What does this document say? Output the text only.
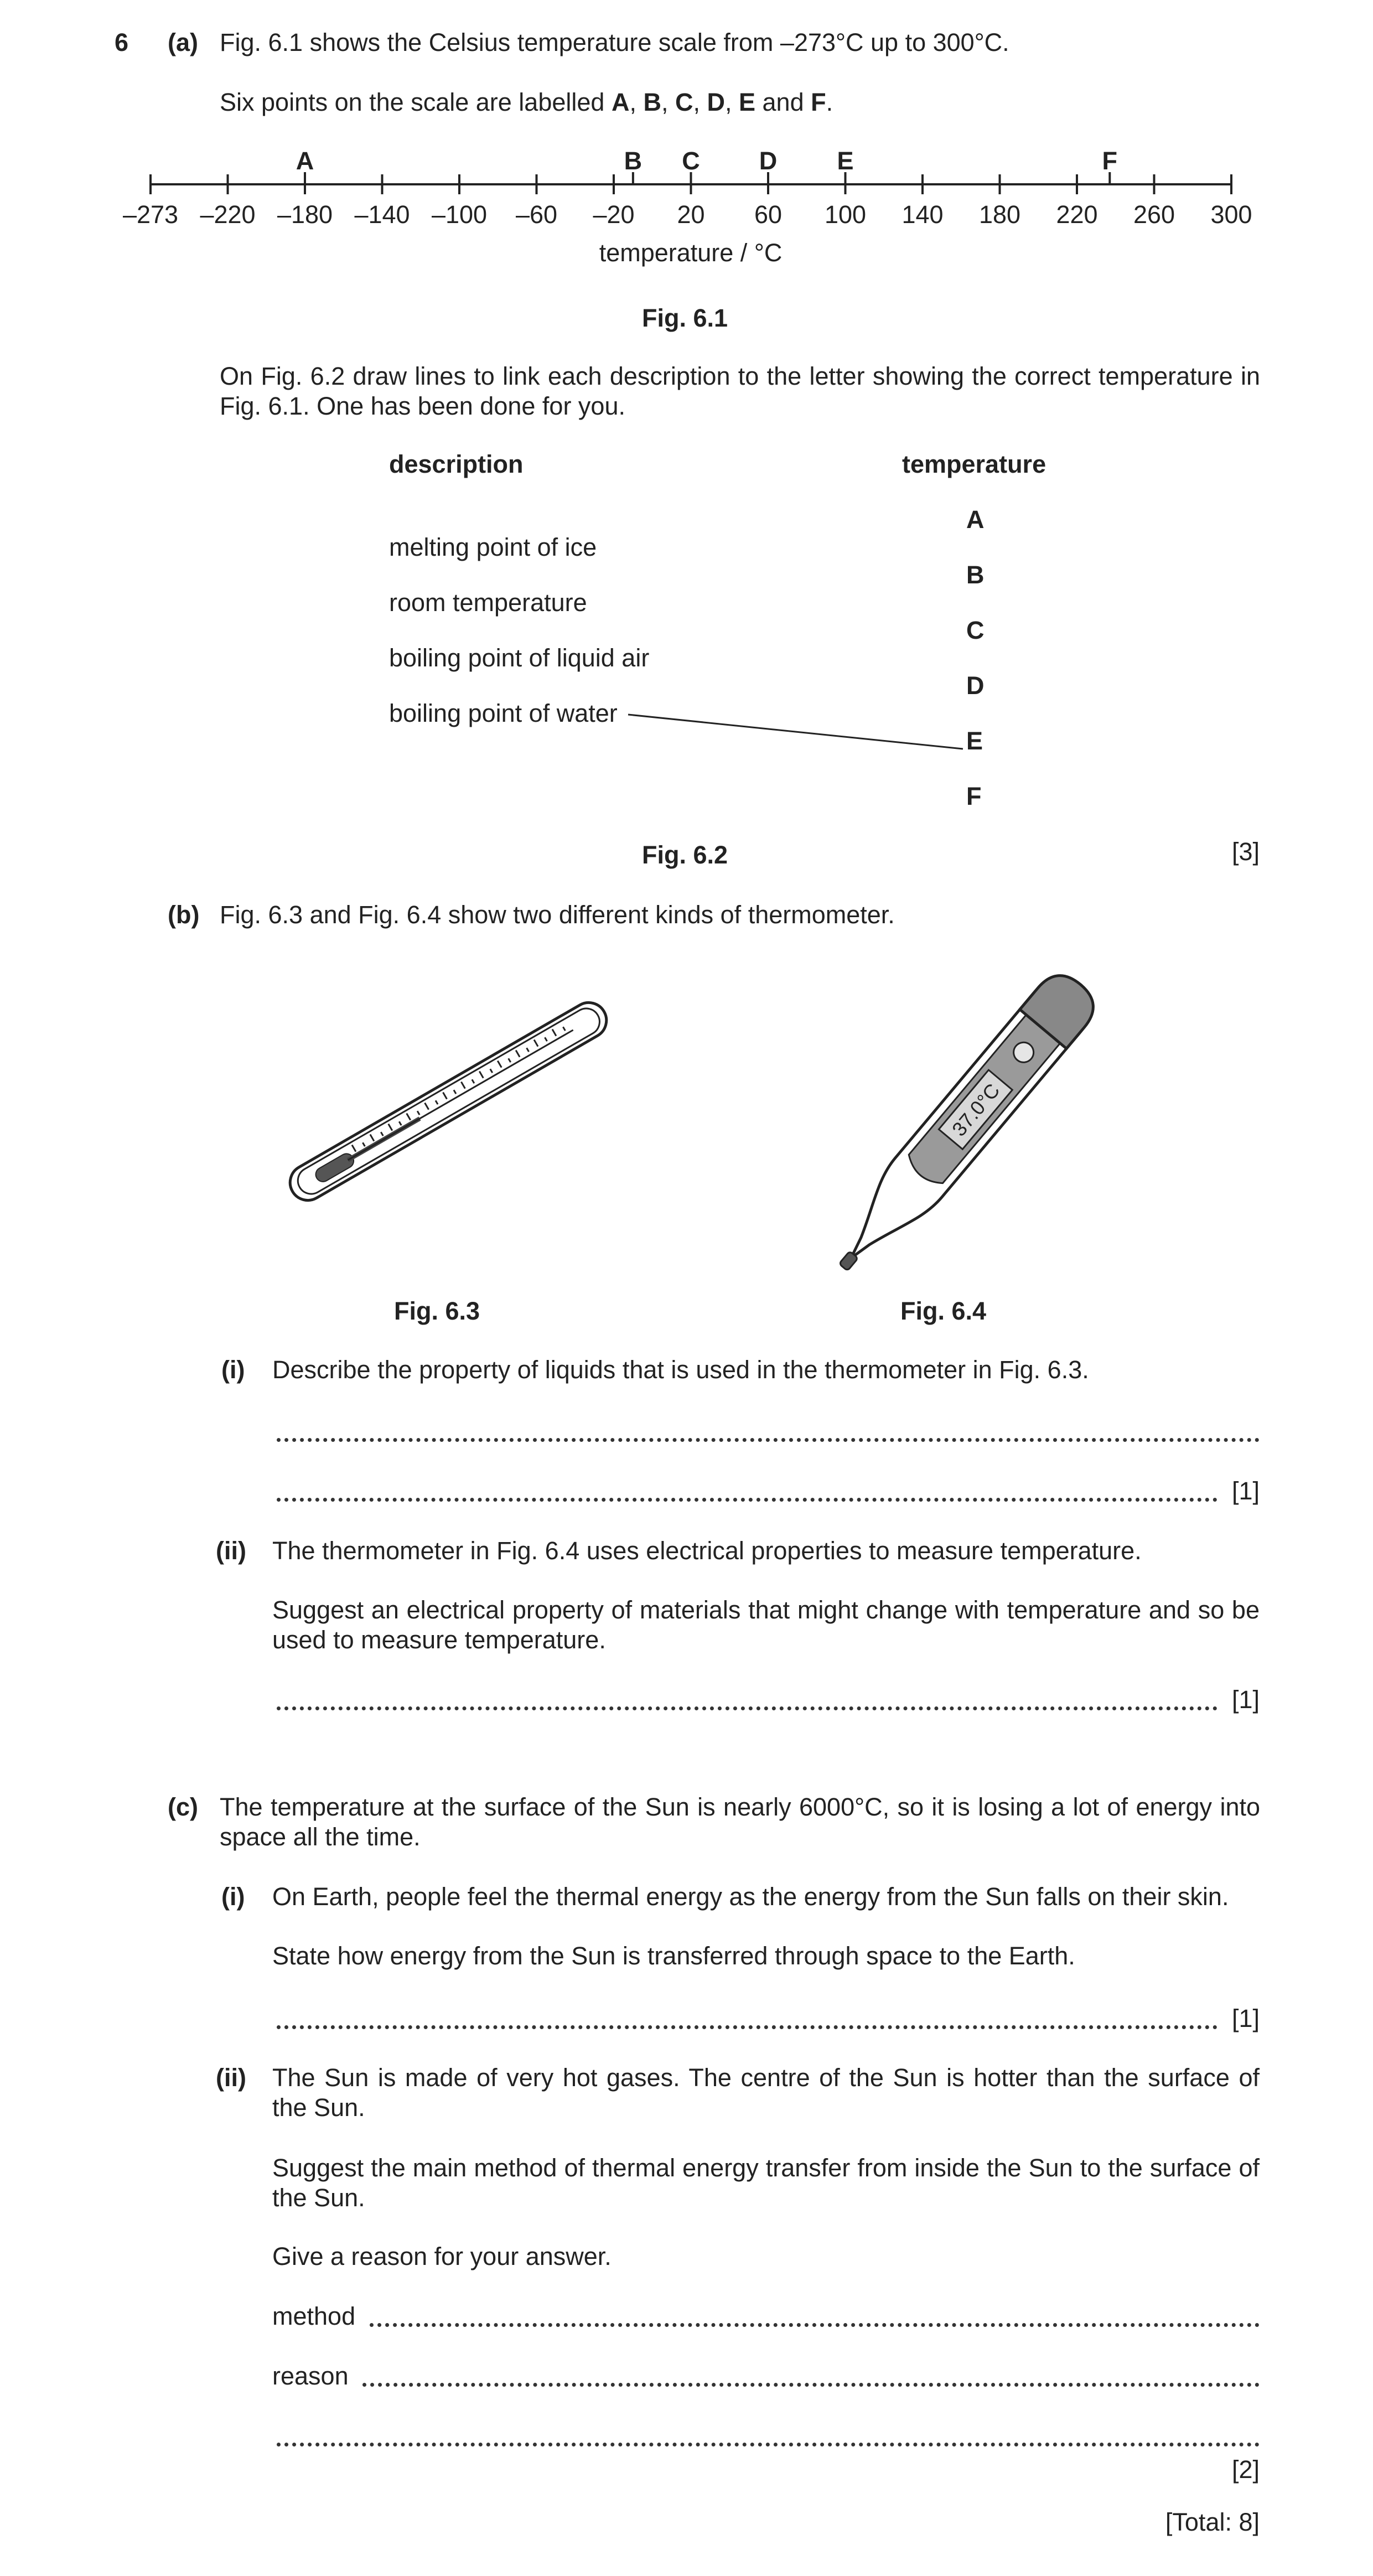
6 (a) Fig. 6.1 shows the Celsius temperature scale from –273°C up to 300°C.
Six points on the scale are labelled A, B, C, D, E and F.
–273 –220 –180 –140 –100 –60 –20 20 60 100 140 180 220 260 300
A	B C D E	F
temperature / °C
Fig. 6.1
On Fig. 6.2 draw lines to link each description to the letter showing the correct temperature in Fig. 6.1. One has been done for you.
description	temperature
melting point of ice
room temperature
boiling point of liquid air
boiling point of water
A
B
C
D
E
F
Fig. 6.2	[3]
(b) Fig. 6.3 and Fig. 6.4 show two different kinds of thermometer.
37.0°C
Fig. 6.3	Fig. 6.4
(i) Describe the property of liquids that is used in the thermometer in Fig. 6.3.
[1]
(ii) The thermometer in Fig. 6.4 uses electrical properties to measure temperature.
Suggest an electrical property of materials that might change with temperature and so be used to measure temperature.
[1]
(c) The temperature at the surface of the Sun is nearly 6000°C, so it is losing a lot of energy into space all the time.
(i) On Earth, people feel the thermal energy as the energy from the Sun falls on their skin.
State how energy from the Sun is transferred through space to the Earth.
[1]
(ii) The Sun is made of very hot gases. The centre of the Sun is hotter than the surface of the Sun.
Suggest the main method of thermal energy transfer from inside the Sun to the surface of the Sun.
Give a reason for your answer.
method
reason
[2]
[Total: 8]
